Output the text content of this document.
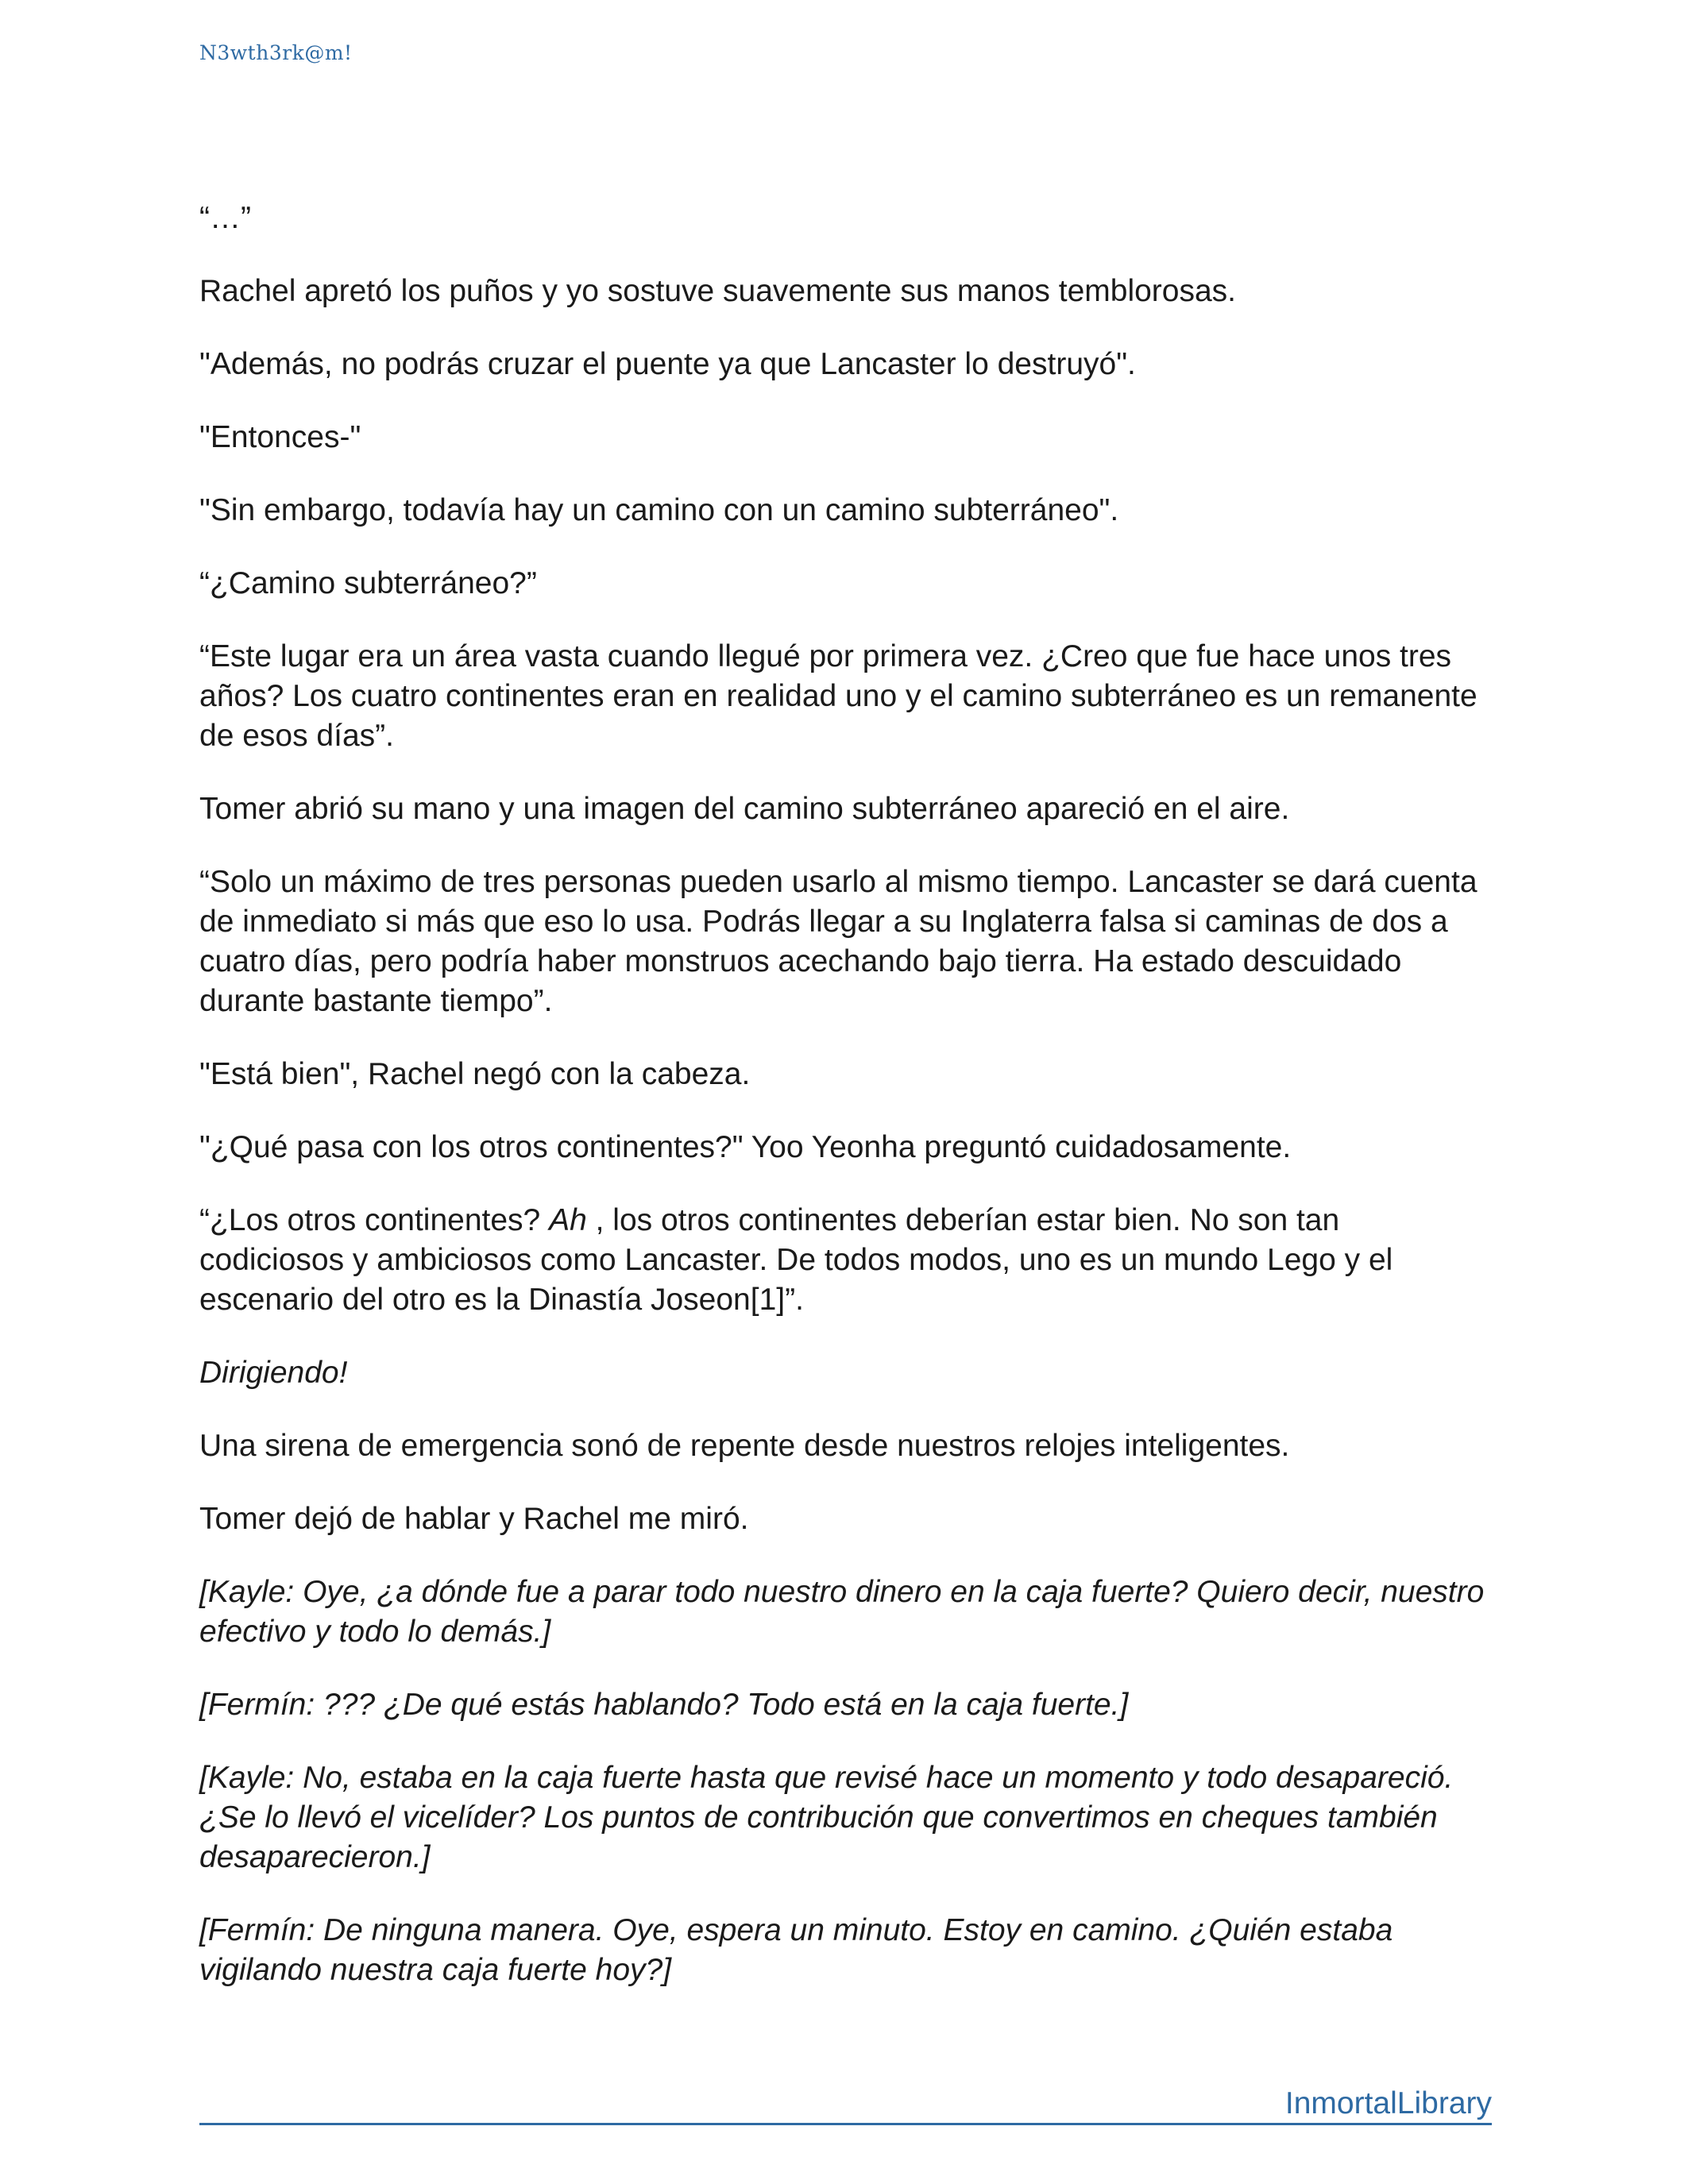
N3wth3rk@m!

“…”

Rachel apretó los puños y yo sostuve suavemente sus manos temblorosas.

"Además, no podrás cruzar el puente ya que Lancaster lo destruyó".

"Entonces-"

"Sin embargo, todavía hay un camino con un camino subterráneo".

“¿Camino subterráneo?”

“Este lugar era un área vasta cuando llegué por primera vez. ¿Creo que fue hace unos tres años? Los cuatro continentes eran en realidad uno y el camino subterráneo es un remanente de esos días”.

Tomer abrió su mano y una imagen del camino subterráneo apareció en el aire.

“Solo un máximo de tres personas pueden usarlo al mismo tiempo. Lancaster se dará cuenta de inmediato si más que eso lo usa. Podrás llegar a su Inglaterra falsa si caminas de dos a cuatro días, pero podría haber monstruos acechando bajo tierra. Ha estado descuidado durante bastante tiempo”.

"Está bien", Rachel negó con la cabeza.

"¿Qué pasa con los otros continentes?" Yoo Yeonha preguntó cuidadosamente.

“¿Los otros continentes? Ah , los otros continentes deberían estar bien. No son tan codiciosos y ambiciosos como Lancaster. De todos modos, uno es un mundo Lego y el escenario del otro es la Dinastía Joseon[1]”.

Dirigiendo!

Una sirena de emergencia sonó de repente desde nuestros relojes inteligentes.

Tomer dejó de hablar y Rachel me miró.

[Kayle: Oye, ¿a dónde fue a parar todo nuestro dinero en la caja fuerte? Quiero decir, nuestro efectivo y todo lo demás.]

[Fermín: ??? ¿De qué estás hablando? Todo está en la caja fuerte.]

[Kayle: No, estaba en la caja fuerte hasta que revisé hace un momento y todo desapareció. ¿Se lo llevó el vicelíder? Los puntos de contribución que convertimos en cheques también desaparecieron.]

[Fermín: De ninguna manera. Oye, espera un minuto. Estoy en camino. ¿Quién estaba vigilando nuestra caja fuerte hoy?]

InmortalLibrary
